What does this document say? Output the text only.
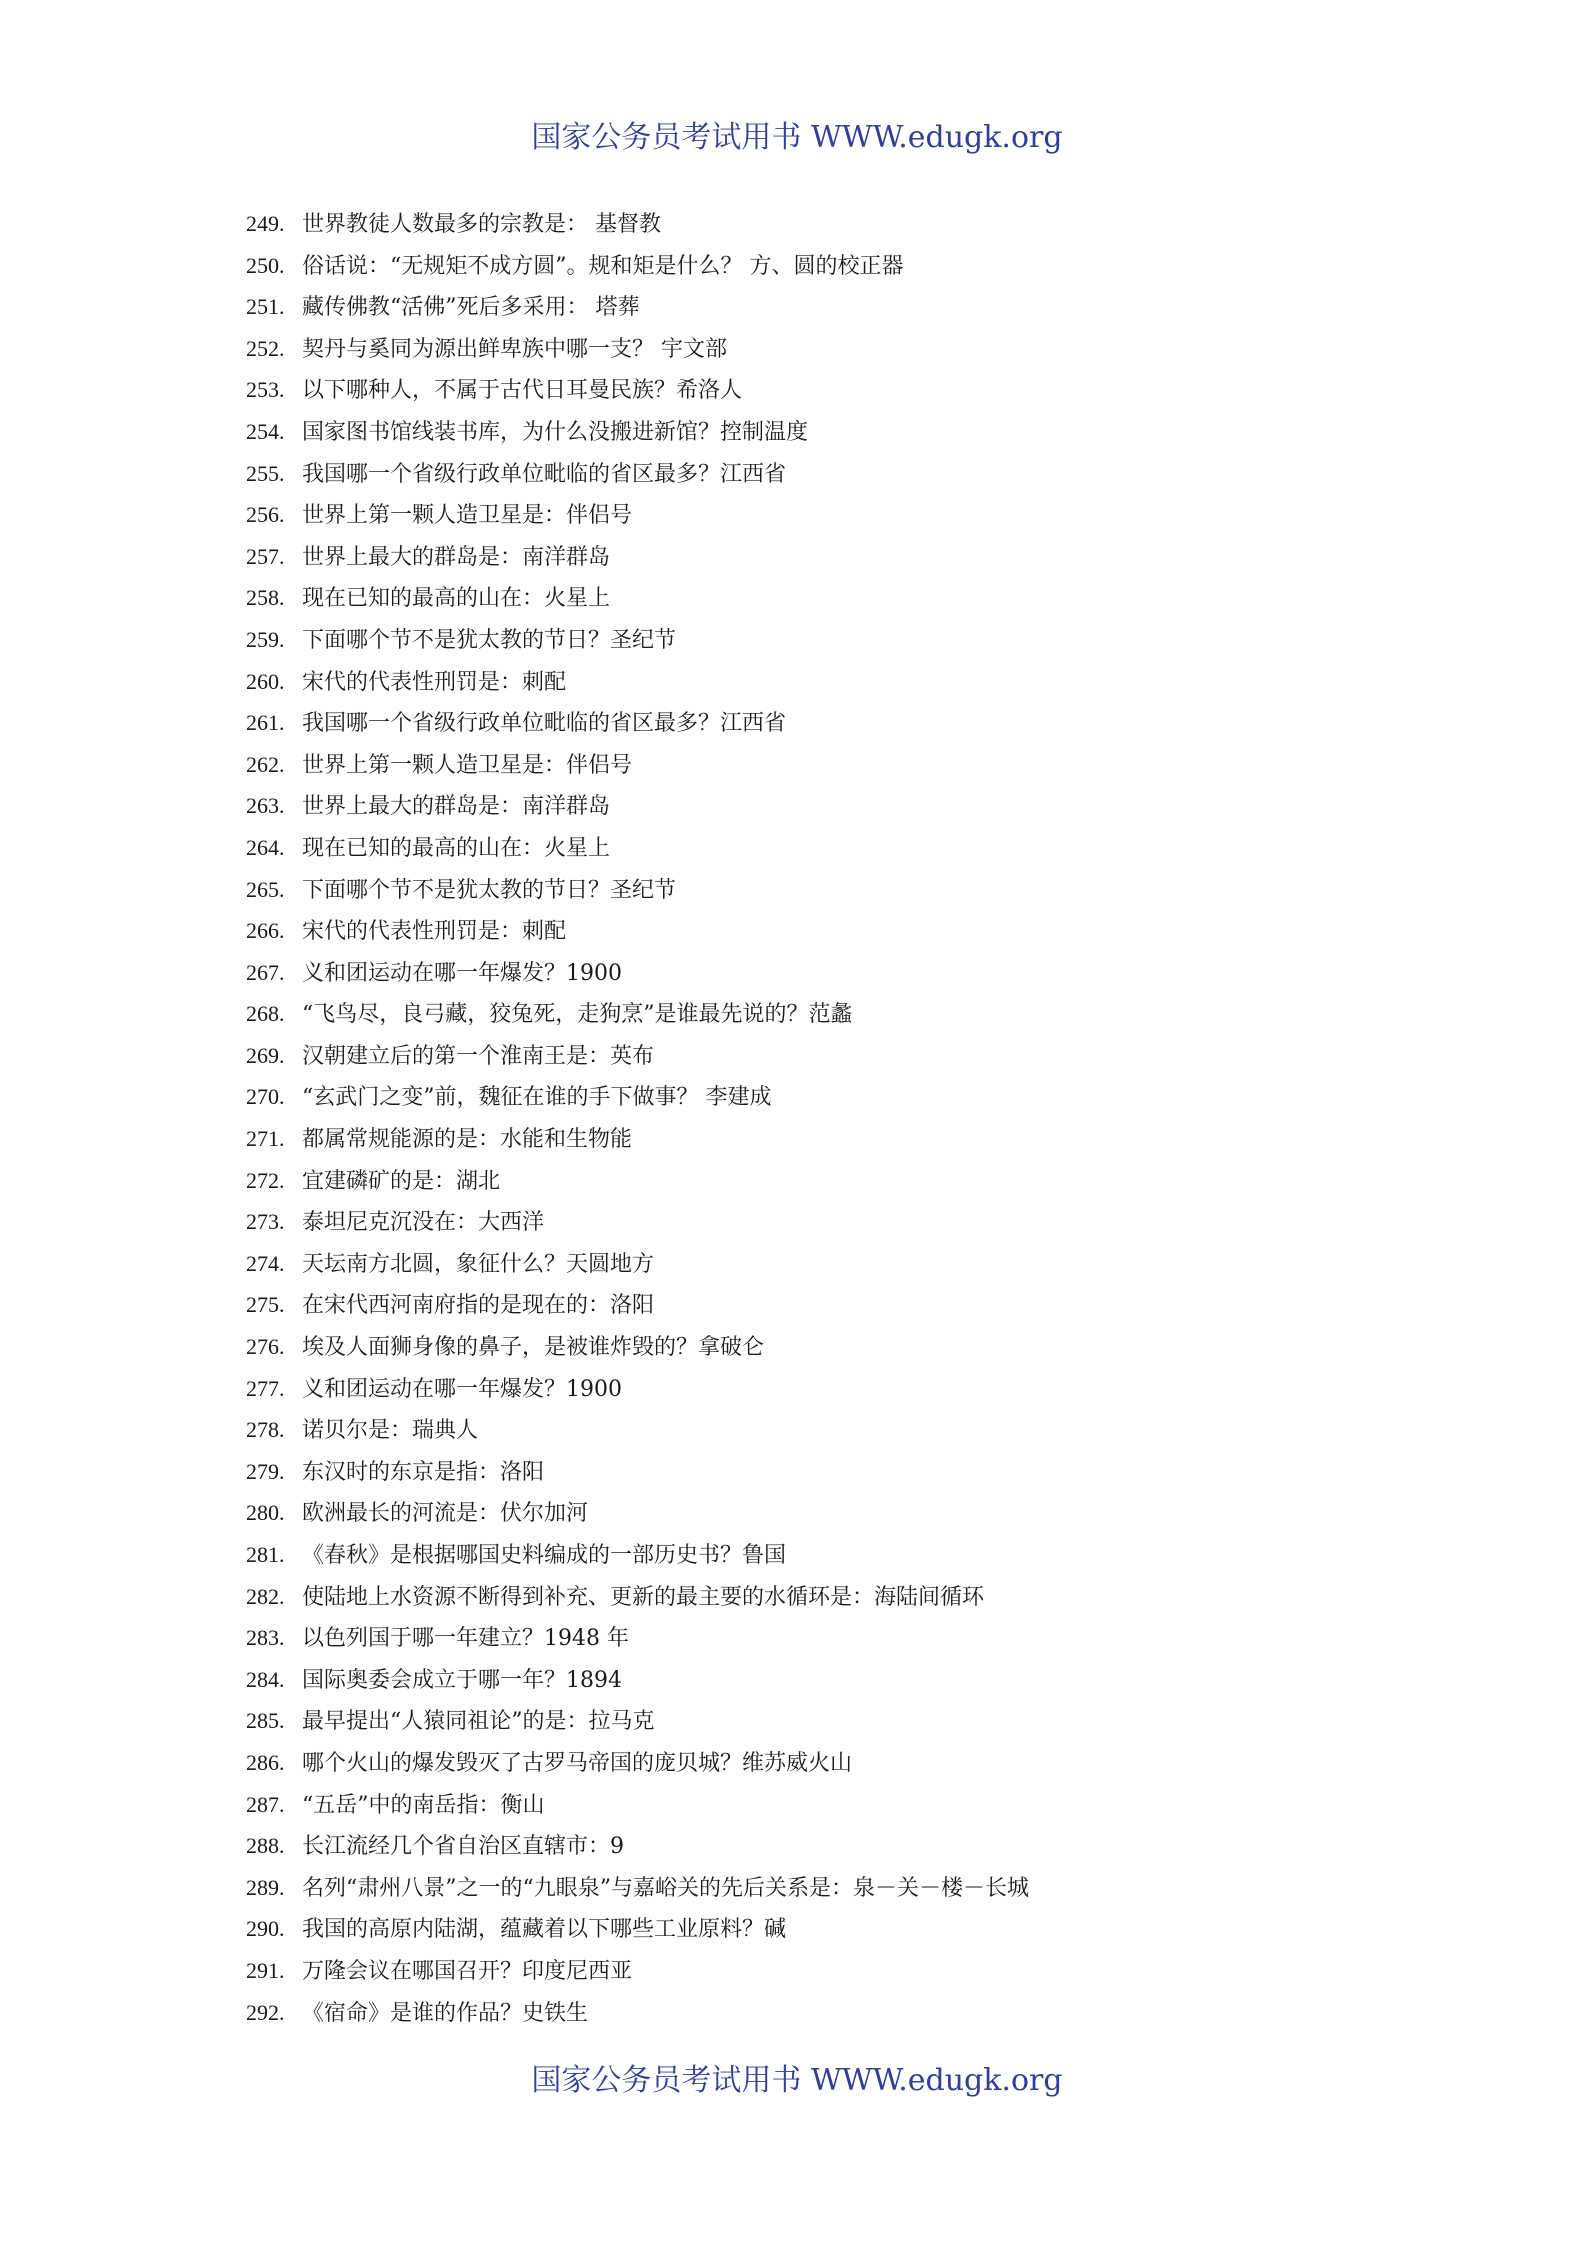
国家公务员考试用书 WWW.edugk.org
249. 世界教徒人数最多的宗教是： 基督教
250. 俗话说：“无规矩不成方圆”。规和矩是什么？ 方、圆的校正器
251. 藏传佛教“活佛”死后多采用： 塔葬
252. 契丹与奚同为源出鲜卑族中哪一支？ 宇文部
253. 以下哪种人，不属于古代日耳曼民族？希洛人
254. 国家图书馆线装书库，为什么没搬进新馆？控制温度
255. 我国哪一个省级行政单位毗临的省区最多？江西省
256. 世界上第一颗人造卫星是：伴侣号
257. 世界上最大的群岛是：南洋群岛
258. 现在已知的最高的山在：火星上
259. 下面哪个节不是犹太教的节日？圣纪节
260. 宋代的代表性刑罚是：刺配
261. 我国哪一个省级行政单位毗临的省区最多？江西省
262. 世界上第一颗人造卫星是：伴侣号
263. 世界上最大的群岛是：南洋群岛
264. 现在已知的最高的山在：火星上
265. 下面哪个节不是犹太教的节日？圣纪节
266. 宋代的代表性刑罚是：刺配
267. 义和团运动在哪一年爆发？1900
268. “飞鸟尽，良弓藏，狡兔死，走狗烹”是谁最先说的？范蠡
269. 汉朝建立后的第一个淮南王是：英布
270. “玄武门之变”前，魏征在谁的手下做事？ 李建成
271. 都属常规能源的是：水能和生物能
272. 宜建磷矿的是：湖北
273. 泰坦尼克沉没在：大西洋
274. 天坛南方北圆，象征什么？天圆地方
275. 在宋代西河南府指的是现在的：洛阳
276. 埃及人面狮身像的鼻子，是被谁炸毁的？拿破仑
277. 义和团运动在哪一年爆发？1900
278. 诺贝尔是：瑞典人
279. 东汉时的东京是指：洛阳
280. 欧洲最长的河流是：伏尔加河
281. 《春秋》是根据哪国史料编成的一部历史书？鲁国
282. 使陆地上水资源不断得到补充、更新的最主要的水循环是：海陆间循环
283. 以色列国于哪一年建立？1948 年
284. 国际奥委会成立于哪一年？1894
285. 最早提出“人猿同祖论”的是：拉马克
286. 哪个火山的爆发毁灭了古罗马帝国的庞贝城？维苏威火山
287. “五岳”中的南岳指：衡山
288. 长江流经几个省自治区直辖市：9
289. 名列“肃州八景”之一的“九眼泉”与嘉峪关的先后关系是：泉－关－楼－长城
290. 我国的高原内陆湖，蕴藏着以下哪些工业原料？碱
291. 万隆会议在哪国召开？印度尼西亚
292. 《宿命》是谁的作品？史铁生
国家公务员考试用书 WWW.edugk.org
